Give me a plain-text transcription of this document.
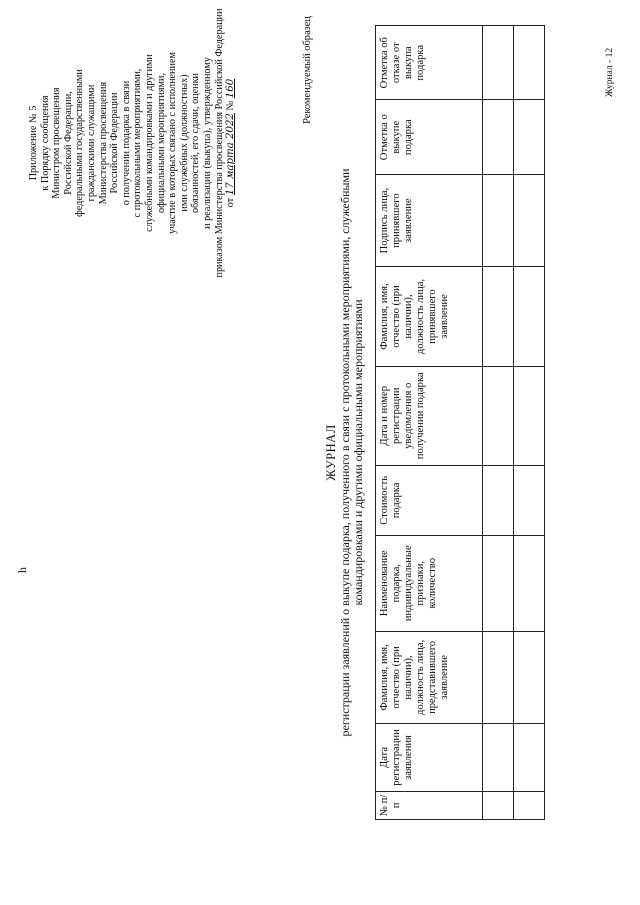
h
Приложение № 5 к Порядку сообщения Министром просвещения Российской Федерации, федеральными государственными гражданскими служащими Министерства просвещения Российской Федерации о получении подарка в связи с протокольными мероприятиями, служебными командировками и другими официальными мероприятиями, участие в которых связано с исполнением ими служебных (должностных) обязанностей, его сдачи, оценки и реализации (выкупа), утвержденному приказом Министерства просвещения Российской Федерации от 17 марта 2022 № 160	Рекомендуемый образец
ЖУРНАЛ регистрации заявлений о выкупе подарка, полученного в связи с протокольными мероприятиями, служебными командировками и другими официальными мероприятиями
№ п/п	Дата регистрации заявления	Фамилия, имя, отчество (при наличии), должность лица, представившего заявление	Наименование подарка, индивидуальные признаки, количество	Стоимость подарка	Дата и номер регистрации уведомления о получении подарка	Фамилия, имя, отчество (при наличии), должность лица, принявшего заявление	Подпись лица, принявшего заявление	Отметка о выкупе подарка	Отметка об отказе от выкупа подарка

										Журнал - 12
